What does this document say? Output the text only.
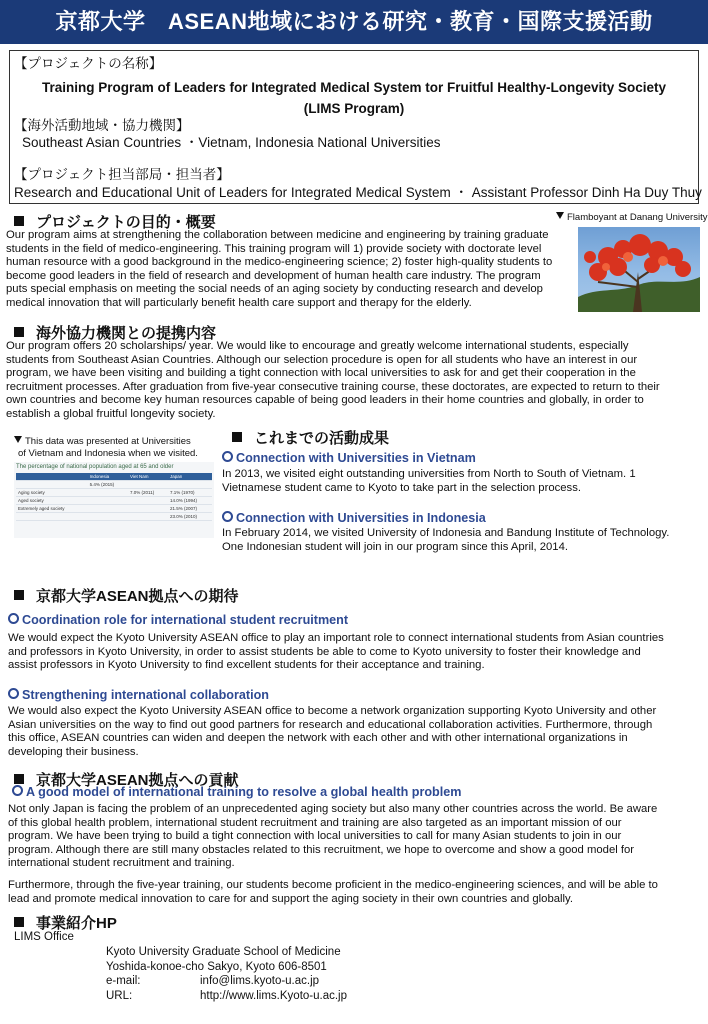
京都大学　ASEAN地域における研究・教育・国際支援活動
【プロジェクトの名称】
Training Program of Leaders for Integrated Medical System tor Fruitful Healthy-Longevity Society
(LIMS Program)
【海外活動地域・協力機関】
Southeast Asian Countries ・Vietnam, Indonesia National Universities
【プロジェクト担当部局・担当者】
Research and Educational Unit of Leaders for Integrated Medical System ・ Assistant Professor Dinh Ha Duy Thuy
プロジェクトの目的・概要	Flamboyant at Danang University
Our program aims at strengthening the collaboration between medicine and engineering by training graduate
students in the field of medico-engineering. This training program will 1) provide society with doctorate level
human resource with a good background in the medico-engineering science; 2) foster high-quality students to
become good leaders in the field of research and development of human health care industry. The program
puts special emphasis on meeting the social needs of an aging society by conducting research and develop
medical innovation that will particularly benefit health care support and therapy for the elderly.
海外協力機関との提携内容
Our program offers 20 scholarships/ year. We would like to encourage and greatly welcome international students, especially
students from Southeast Asian Countries. Although our selection procedure is open for all students who have an interest in our
program, we have been visiting and building a tight connection with local universities to ask for and get their cooperation in the
recruitment processes. After graduation from five-year consecutive training course, these doctorates, are expected to return to their
own countries and become key human resources capable of being good leaders in their home countries and globally, in order to
establish a global fruitful longevity society.
This data was presented at Universities
of Vietnam and Indonesia when we visited.
The percentage of national population aged at 65 and older
	Indonesia	Viet Nam	Japan
	5.4% (2015)		
Aging society		7.0% (2011)	7.1% (1970)
Aged society			14.0% (1994)
Extremely aged society			21.5% (2007)
			23.0% (2010)
これまでの活動成果
Connection with Universities in Vietnam
In 2013, we visited eight outstanding universities from North to South of Vietnam. 1
Vietnamese student came to Kyoto to take part in the selection process.
Connection with Universities in Indonesia
In February 2014, we visited University of Indonesia and Bandung Institute of Technology.
One Indonesian student will join in our program since this April, 2014.
京都大学ASEAN拠点への期待
Coordination role for international student recruitment
We would expect the Kyoto University ASEAN office to play an important role to connect international students from Asian countries
and professors in Kyoto University, in order to assist students be able to come to Kyoto university to foster their knowledge and
assist professors in Kyoto University to find excellent students for their acceptance and training.
Strengthening international collaboration
We would also expect the Kyoto University ASEAN office to become a network organization supporting Kyoto University and other
Asian universities on the way to find out good partners for research and educational collaboration activities. Furthermore, through
this office, ASEAN countries can widen and deepen the network with each other and with other international organizations in
developing their business.
京都大学ASEAN拠点への貢献
A good model of international training to resolve a global health problem
Not only Japan is facing the problem of an unprecedented aging society but also many other countries across the world. Be aware
of this global health problem, international student recruitment and training are also targeted as an important mission of our
program. We have been trying to build a tight connection with local universities to call for many Asian students to join in our
program. Although there are still many obstacles related to this recruitment, we hope to overcome and show a good model for
international student recruitment and training.
Furthermore, through the five-year training, our students become proficient in the medico-engineering sciences, and will be able to
lead and promote medical innovation to care for and support the aging society in their own countries and globally.
事業紹介HP
LIMS Office
Kyoto University Graduate School of Medicine
Yoshida-konoe-cho Sakyo, Kyoto 606-8501
e-mail:	info@lims.kyoto-u.ac.jp
URL:	http://www.lims.Kyoto-u.ac.jp
